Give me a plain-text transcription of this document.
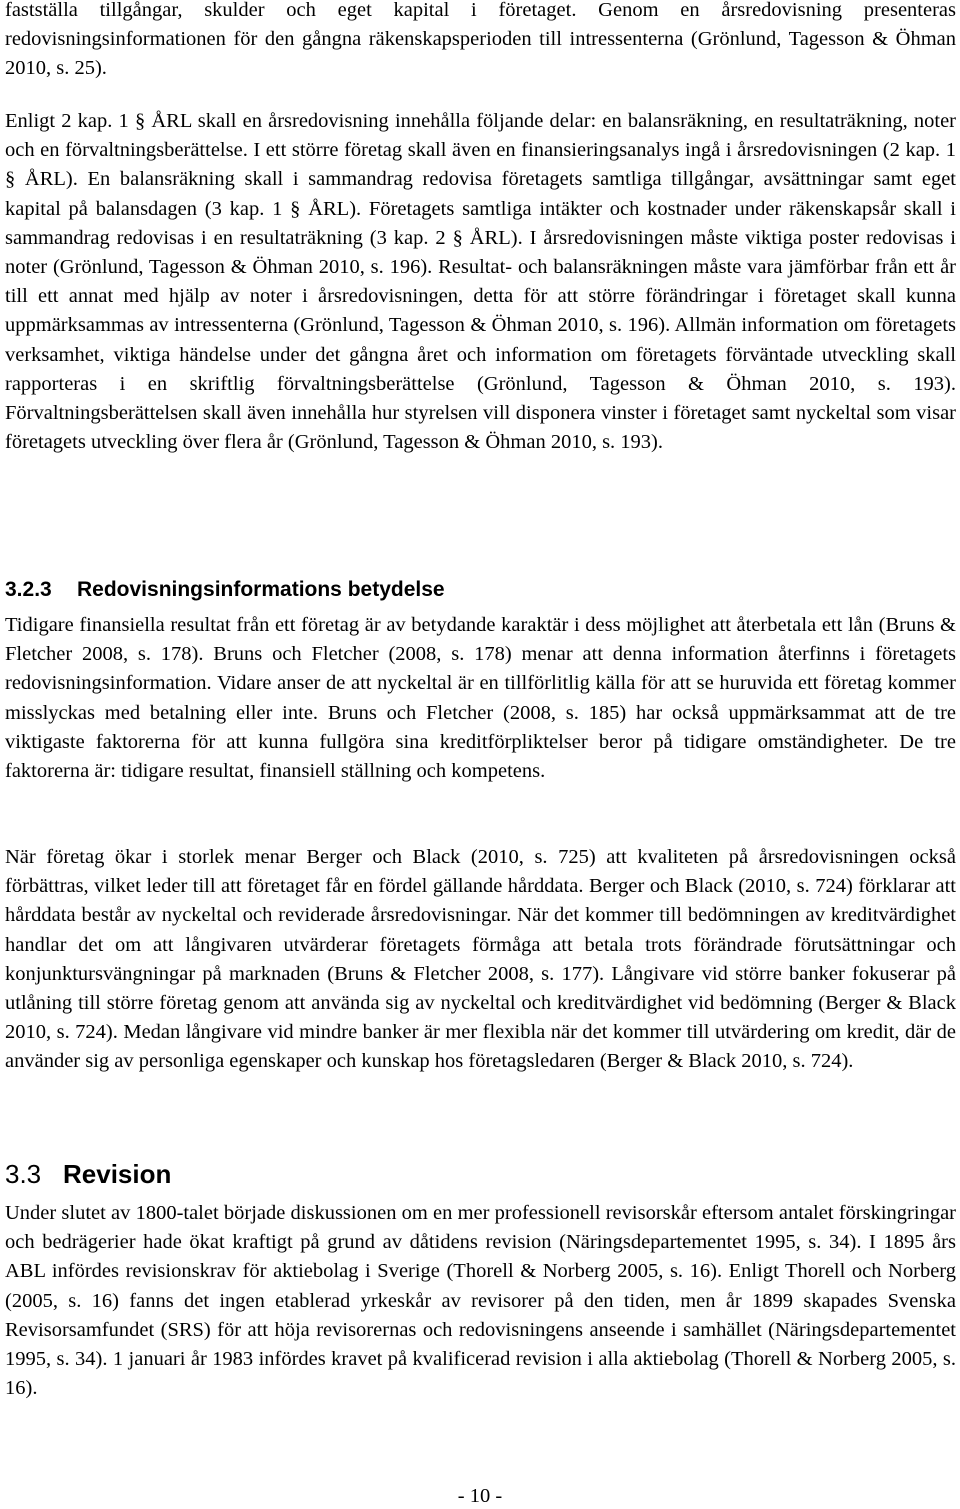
fastställa tillgångar, skulder och eget kapital i företaget. Genom en årsredovisning presenteras redovisningsinformationen för den gångna räkenskapsperioden till intressenterna (Grönlund, Tagesson & Öhman 2010, s. 25).

Enligt 2 kap. 1 § ÅRL skall en årsredovisning innehålla följande delar: en balansräkning, en resultaträkning, noter och en förvaltningsberättelse. I ett större företag skall även en finansieringsanalys ingå i årsredovisningen (2 kap. 1 § ÅRL). En balansräkning skall i sammandrag redovisa företagets samtliga tillgångar, avsättningar samt eget kapital på balansdagen (3 kap. 1 § ÅRL). Företagets samtliga intäkter och kostnader under räkenskapsår skall i sammandrag redovisas i en resultaträkning (3 kap. 2 § ÅRL). I årsredovisningen måste viktiga poster redovisas i noter (Grönlund, Tagesson & Öhman 2010, s. 196). Resultat- och balansräkningen måste vara jämförbar från ett år till ett annat med hjälp av noter i årsredovisningen, detta för att större förändringar i företaget skall kunna uppmärksammas av intressenterna (Grönlund, Tagesson & Öhman 2010, s. 196). Allmän information om företagets verksamhet, viktiga händelse under det gångna året och information om företagets förväntade utveckling skall rapporteras i en skriftlig förvaltningsberättelse (Grönlund, Tagesson & Öhman 2010, s. 193). Förvaltningsberättelsen skall även innehålla hur styrelsen vill disponera vinster i företaget samt nyckeltal som visar företagets utveckling över flera år (Grönlund, Tagesson & Öhman 2010, s. 193).

3.2.3 Redovisningsinformations betydelse

Tidigare finansiella resultat från ett företag är av betydande karaktär i dess möjlighet att återbetala ett lån (Bruns & Fletcher 2008, s. 178). Bruns och Fletcher (2008, s. 178) menar att denna information återfinns i företagets redovisningsinformation. Vidare anser de att nyckeltal är en tillförlitlig källa för att se huruvida ett företag kommer misslyckas med betalning eller inte. Bruns och Fletcher (2008, s. 185) har också uppmärksammat att de tre viktigaste faktorerna för att kunna fullgöra sina kreditförpliktelser beror på tidigare omständigheter. De tre faktorerna är: tidigare resultat, finansiell ställning och kompetens.

När företag ökar i storlek menar Berger och Black (2010, s. 725) att kvaliteten på årsredovisningen också förbättras, vilket leder till att företaget får en fördel gällande hårddata. Berger och Black (2010, s. 724) förklarar att hårddata består av nyckeltal och reviderade årsredovisningar. När det kommer till bedömningen av kreditvärdighet handlar det om att långivaren utvärderar företagets förmåga att betala trots förändrade förutsättningar och konjunktursvängningar på marknaden (Bruns & Fletcher 2008, s. 177). Långivare vid större banker fokuserar på utlåning till större företag genom att använda sig av nyckeltal och kreditvärdighet vid bedömning (Berger & Black 2010, s. 724). Medan långivare vid mindre banker är mer flexibla när det kommer till utvärdering om kredit, där de använder sig av personliga egenskaper och kunskap hos företagsledaren (Berger & Black 2010, s. 724).

3.3 Revision

Under slutet av 1800-talet började diskussionen om en mer professionell revisorskår eftersom antalet förskingringar och bedrägerier hade ökat kraftigt på grund av dåtidens revision (Näringsdepartementet 1995, s. 34). I 1895 års ABL infördes revisionskrav för aktiebolag i Sverige (Thorell & Norberg 2005, s. 16). Enligt Thorell och Norberg (2005, s. 16) fanns det ingen etablerad yrkeskår av revisorer på den tiden, men år 1899 skapades Svenska Revisorsamfundet (SRS) för att höja revisorernas och redovisningens anseende i samhället (Näringsdepartementet 1995, s. 34). 1 januari år 1983 infördes kravet på kvalificerad revision i alla aktiebolag (Thorell & Norberg 2005, s. 16).

- 10 -
